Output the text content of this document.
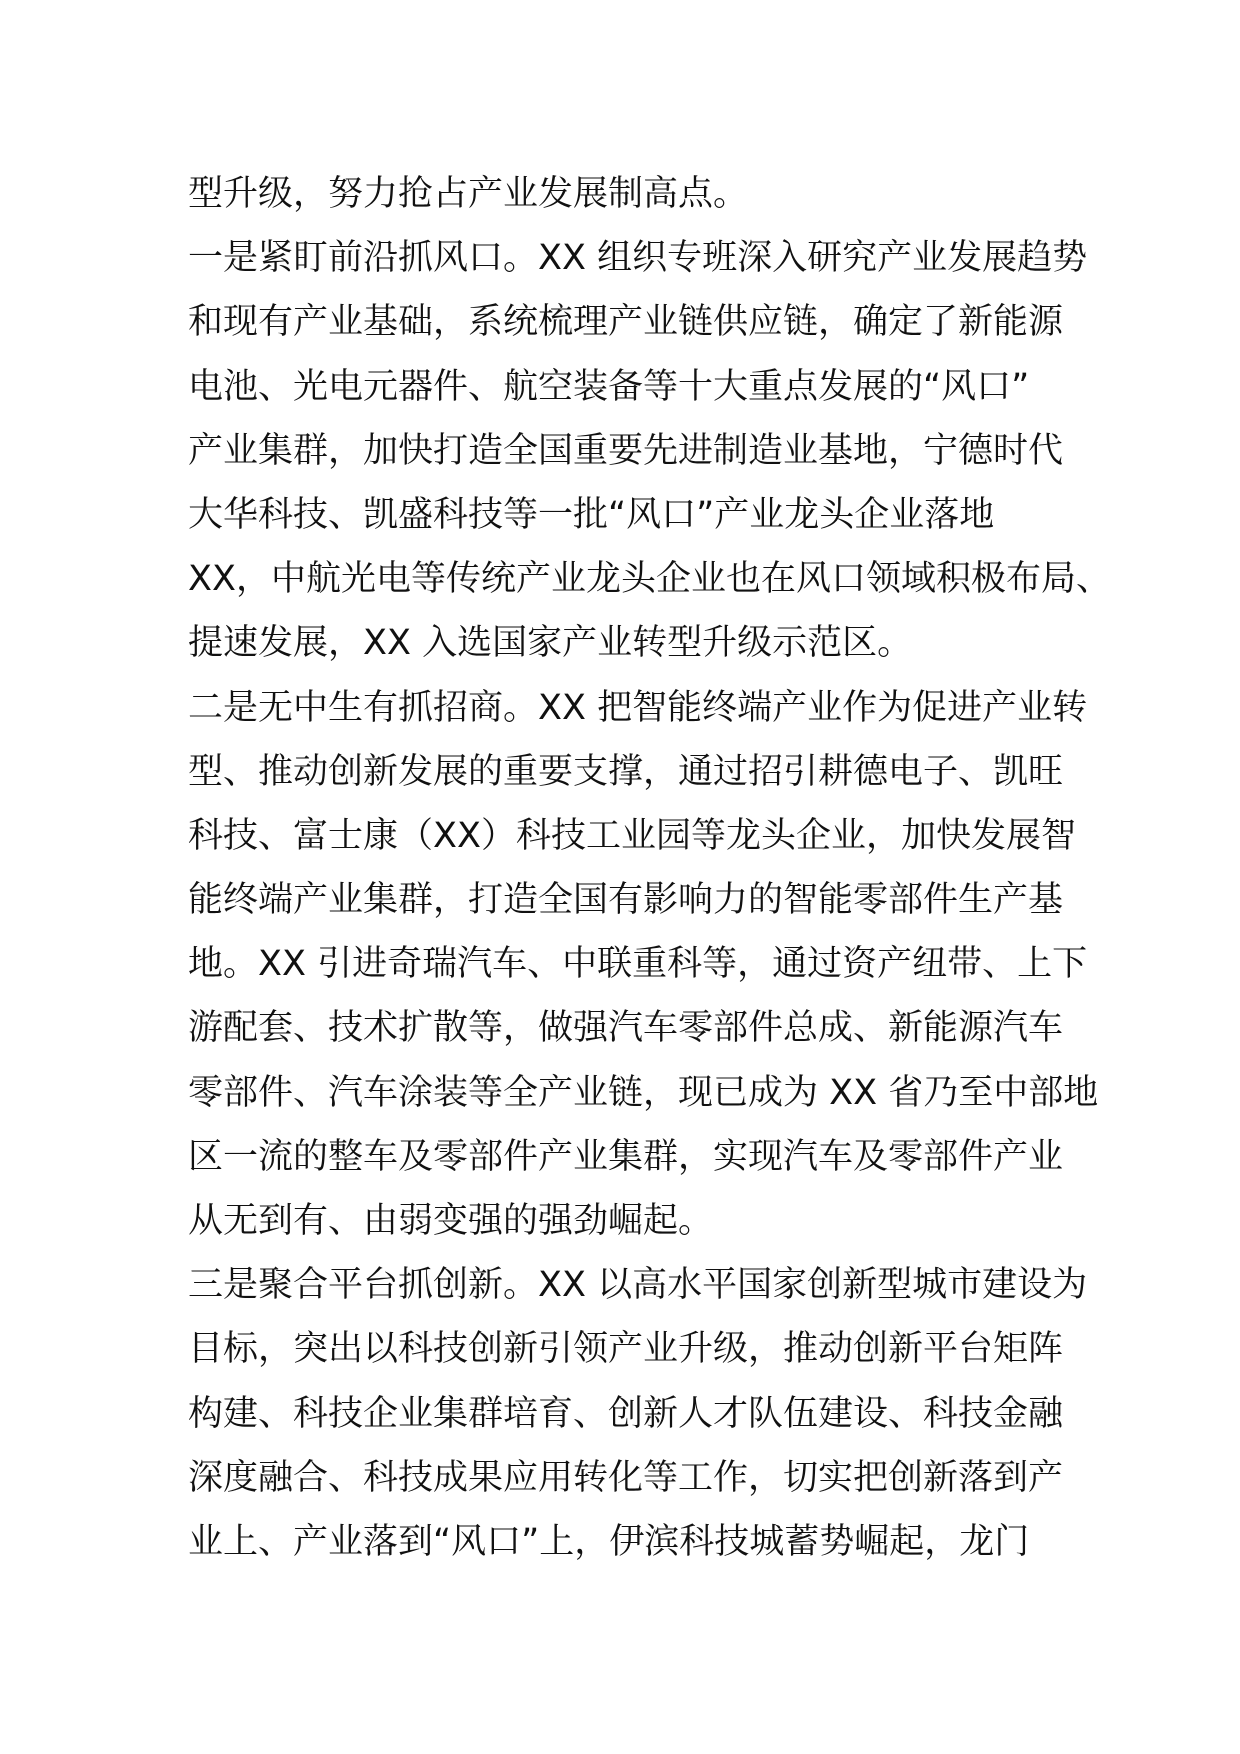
型升级，努力抢占产业发展制高点。
一是紧盯前沿抓风口。XX 组织专班深入研究产业发展趋势
和现有产业基础，系统梳理产业链供应链，确定了新能源
电池、光电元器件、航空装备等十大重点发展的“风口”
产业集群，加快打造全国重要先进制造业基地，宁德时代
大华科技、凯盛科技等一批“风口”产业龙头企业落地
XX，中航光电等传统产业龙头企业也在风口领域积极布局、
提速发展，XX 入选国家产业转型升级示范区。
二是无中生有抓招商。XX 把智能终端产业作为促进产业转
型、推动创新发展的重要支撑，通过招引耕德电子、凯旺
科技、富士康（XX）科技工业园等龙头企业，加快发展智
能终端产业集群，打造全国有影响力的智能零部件生产基
地。XX 引进奇瑞汽车、中联重科等，通过资产纽带、上下
游配套、技术扩散等，做强汽车零部件总成、新能源汽车
零部件、汽车涂装等全产业链，现已成为 XX 省乃至中部地
区一流的整车及零部件产业集群，实现汽车及零部件产业
从无到有、由弱变强的强劲崛起。
三是聚合平台抓创新。XX 以高水平国家创新型城市建设为
目标，突出以科技创新引领产业升级，推动创新平台矩阵
构建、科技企业集群培育、创新人才队伍建设、科技金融
深度融合、科技成果应用转化等工作，切实把创新落到产
业上、产业落到“风口”上，伊滨科技城蓄势崛起，龙门
